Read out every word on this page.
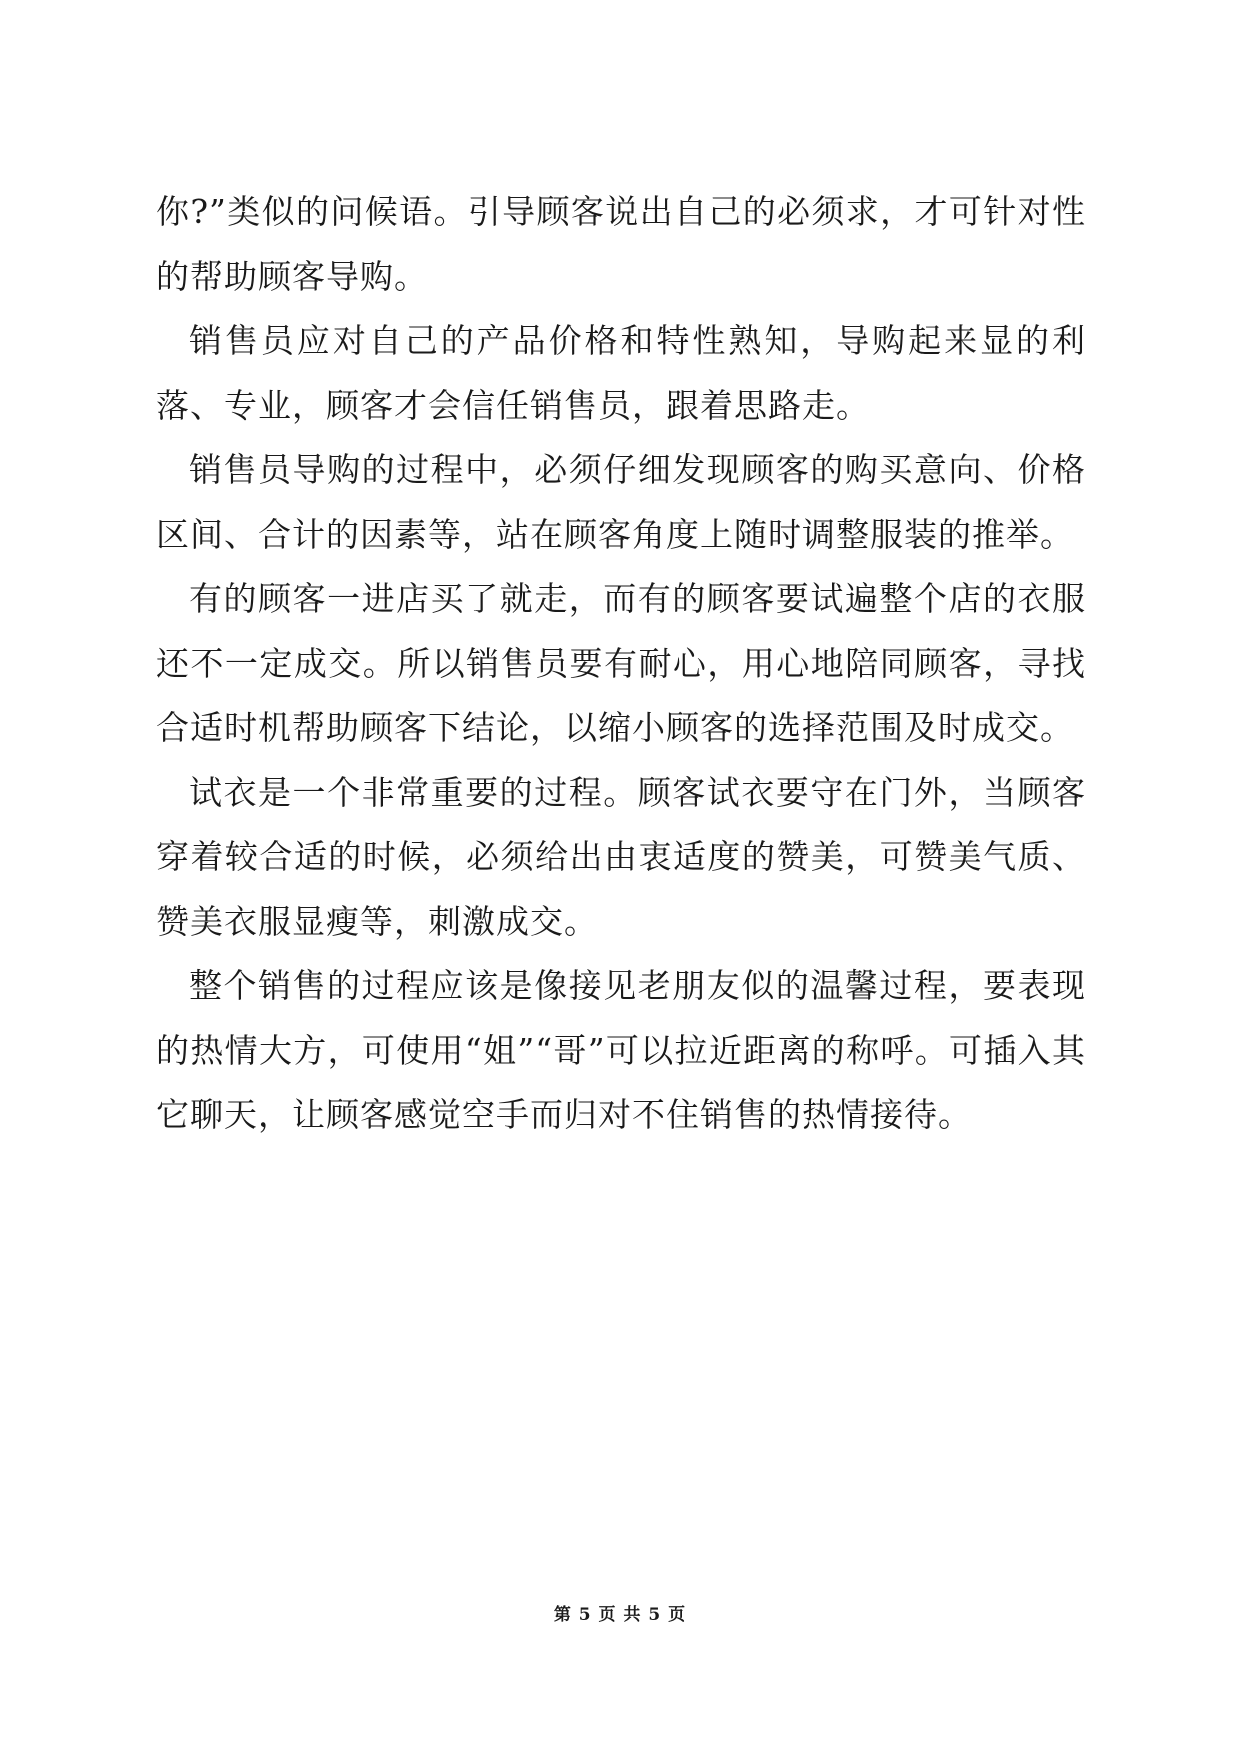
你?”类似的问候语。引导顾客说出自己的必须求，才可针对性的帮助顾客导购。

销售员应对自己的产品价格和特性熟知，导购起来显的利落、专业，顾客才会信任销售员，跟着思路走。

销售员导购的过程中，必须仔细发现顾客的购买意向、价格区间、合计的因素等，站在顾客角度上随时调整服装的推举。

有的顾客一进店买了就走，而有的顾客要试遍整个店的衣服还不一定成交。所以销售员要有耐心，用心地陪同顾客，寻找合适时机帮助顾客下结论，以缩小顾客的选择范围及时成交。

试衣是一个非常重要的过程。顾客试衣要守在门外，当顾客穿着较合适的时候，必须给出由衷适度的赞美，可赞美气质、赞美衣服显瘦等，刺激成交。

整个销售的过程应该是像接见老朋友似的温馨过程，要表现的热情大方，可使用“姐”“哥”可以拉近距离的称呼。可插入其它聊天，让顾客感觉空手而归对不住销售的热情接待。

第 5 页 共 5 页
